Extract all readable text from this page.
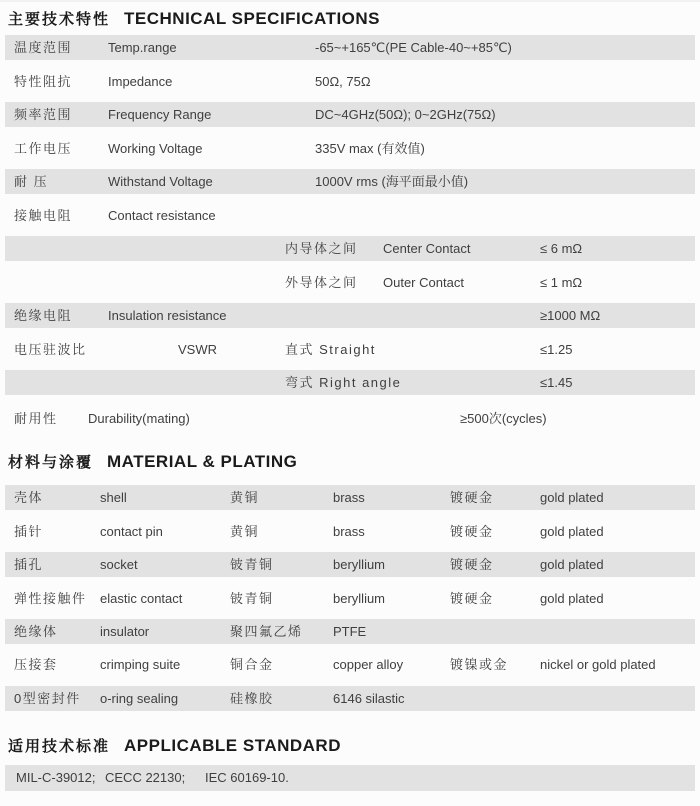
主要技术特性 TECHNICAL SPECIFICATIONS
温度范围	Temp.range	-65~+165℃(PE Cable-40~+85℃)
特性阻抗	Impedance	50Ω, 75Ω
频率范围	Frequency Range	DC~4GHz(50Ω); 0~2GHz(75Ω)
工作电压	Working Voltage	335V max (有效值)
耐 压	Withstand Voltage	1000V rms (海平面最小值)
接触电阻	Contact resistance
内导体之间 Center Contact	≤ 6 mΩ
外导体之间 Outer Contact	≤ 1 mΩ
绝缘电阻	Insulation resistance	≥1000 MΩ
电压驻波比	VSWR	直式 Straight	≤1.25
弯式 Right angle	≤1.45
耐用性 Durability(mating)	≥500次(cycles)
材料与涂覆 MATERIAL & PLATING
壳体	shell	黄铜	brass	镀硬金	gold plated
插针	contact pin	黄铜	brass	镀硬金	gold plated
插孔	socket	铍青铜	beryllium	镀硬金	gold plated
弹性接触件 elastic contact	铍青铜	beryllium	镀硬金	gold plated
绝缘体	insulator	聚四氟乙烯 PTFE
压接套	crimping suite	铜合金	copper alloy	镀镍或金 nickel or gold plated
0型密封件 o-ring sealing	硅橡胶	6146 silastic
适用技术标准 APPLICABLE STANDARD
MIL-C-39012; CECC 22130; IEC 60169-10.
